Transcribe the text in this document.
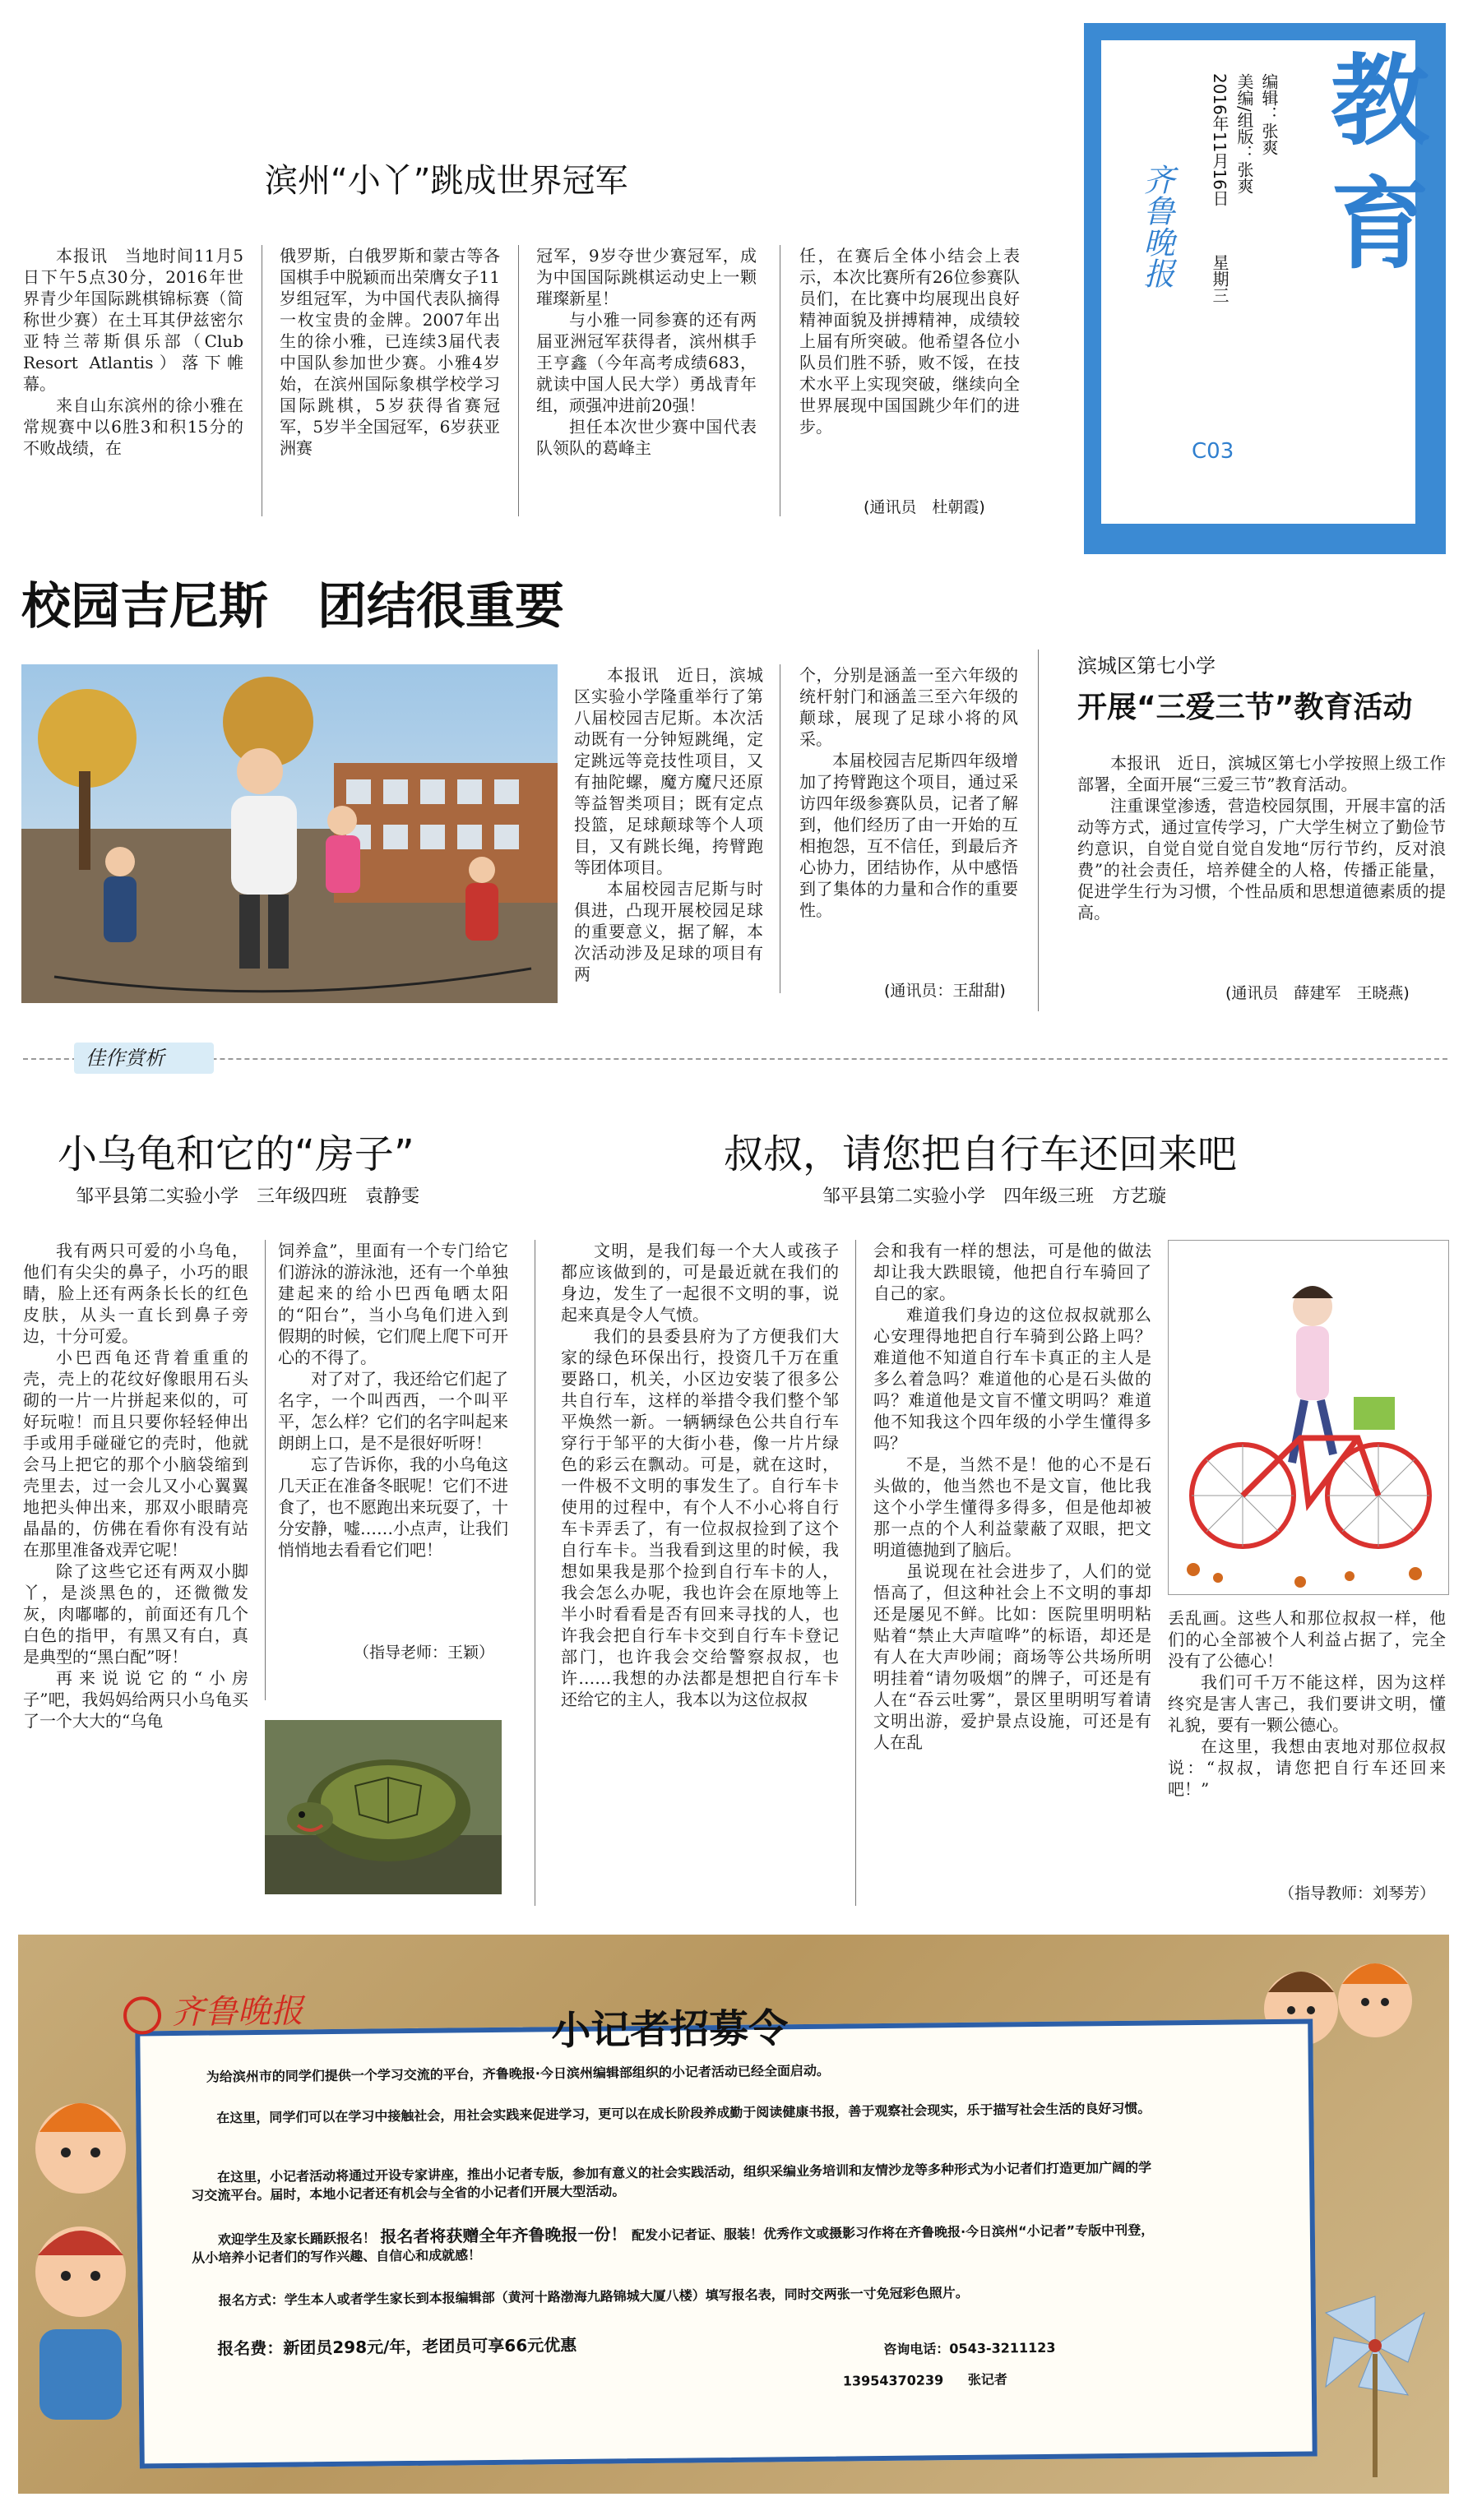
教育
齐鲁晚报
编辑：张爽
美编/组版：张爽
2016年11月16日
星期三
C03
滨州“小丫”跳成世界冠军

本报讯　当地时间11月5日下午5点30分，2016年世界青少年国际跳棋锦标赛（简称世少赛）在土耳其伊兹密尔亚特兰蒂斯俱乐部（Club Resort Atlantis）落下帷幕。

来自山东滨州的徐小雅在常规赛中以6胜3和积15分的不败战绩，在

俄罗斯，白俄罗斯和蒙古等各国棋手中脱颖而出荣膺女子11岁组冠军，为中国代表队摘得一枚宝贵的金牌。2007年出生的徐小雅，已连续3届代表中国队参加世少赛。小雅4岁始，在滨州国际象棋学校学习国际跳棋，5岁获得省赛冠军，5岁半全国冠军，6岁获亚洲赛

冠军，9岁夺世少赛冠军，成为中国国际跳棋运动史上一颗璀璨新星！

与小雅一同参赛的还有两届亚洲冠军获得者，滨州棋手王亨鑫（今年高考成绩683，就读中国人民大学）勇战青年组，顽强冲进前20强！

担任本次世少赛中国代表队领队的葛峰主

任，在赛后全体小结会上表示，本次比赛所有26位参赛队员们，在比赛中均展现出良好精神面貌及拼搏精神，成绩较上届有所突破。他希望各位小队员们胜不骄，败不馁，在技术水平上实现突破，继续向全世界展现中国国跳少年们的进步。

(通讯员　杜朝霞)
校园吉尼斯　团结很重要

本报讯　近日，滨城区实验小学隆重举行了第八届校园吉尼斯。本次活动既有一分钟短跳绳，定定跳远等竞技性项目，又有抽陀螺，魔方魔尺还原等益智类项目；既有定点投篮，足球颠球等个人项目，又有跳长绳，挎臂跑等团体项目。

本届校园吉尼斯与时俱进，凸现开展校园足球的重要意义，据了解，本次活动涉及足球的项目有两

个，分别是涵盖一至六年级的统杆射门和涵盖三至六年级的颠球，展现了足球小将的风采。

本届校园吉尼斯四年级增加了挎臂跑这个项目，通过采访四年级参赛队员，记者了解到，他们经历了由一开始的互相抱怨，互不信任，到最后齐心协力，团结协作，从中感悟到了集体的力量和合作的重要性。

(通讯员：王甜甜)
滨城区第七小学
开展“三爱三节”教育活动

本报讯　近日，滨城区第七小学按照上级工作部署，全面开展“三爱三节”教育活动。

注重课堂渗透，营造校园氛围，开展丰富的活动等方式，通过宣传学习，广大学生树立了勤俭节约意识，自觉自觉自觉自发地“厉行节约，反对浪费”的社会责任，培养健全的人格，传播正能量，促进学生行为习惯，个性品质和思想道德素质的提高。

(通讯员　薛建军　王晓燕)
佳作赏析
小乌龟和它的“房子”
邹平县第二实验小学　三年级四班　袁静雯

我有两只可爱的小乌龟，他们有尖尖的鼻子，小巧的眼睛，脸上还有两条长长的红色皮肤，从头一直长到鼻子旁边，十分可爱。

小巴西龟还背着重重的壳，壳上的花纹好像眼用石头砌的一片一片拼起来似的，可好玩啦！而且只要你轻轻伸出手或用手碰碰它的壳时，他就会马上把它的那个小脑袋缩到壳里去，过一会儿又小心翼翼地把头伸出来，那双小眼睛亮晶晶的，仿佛在看你有没有站在那里准备戏弄它呢！

除了这些它还有两双小脚丫，是淡黑色的，还微微发灰，肉嘟嘟的，前面还有几个白色的指甲，有黑又有白，真是典型的“黑白配”呀！

再来说说它的“小房子”吧，我妈妈给两只小乌龟买了一个大大的“乌龟

饲养盒”，里面有一个专门给它们游泳的游泳池，还有一个单独建起来的给小巴西龟晒太阳的“阳台”，当小乌龟们进入到假期的时候，它们爬上爬下可开心的不得了。

对了对了，我还给它们起了名字，一个叫西西，一个叫平平，怎么样？它们的名字叫起来朗朗上口，是不是很好听呀！

忘了告诉你，我的小乌龟这几天正在准备冬眠呢！它们不进食了，也不愿跑出来玩耍了，十分安静，嘘……小点声，让我们悄悄地去看看它们吧！

（指导老师：王颖）
叔叔，请您把自行车还回来吧
邹平县第二实验小学　四年级三班　方艺璇

文明，是我们每一个大人或孩子都应该做到的，可是最近就在我们的身边，发生了一起很不文明的事，说起来真是令人气愤。

我们的县委县府为了方便我们大家的绿色环保出行，投资几千万在重要路口，机关，小区边安装了很多公共自行车，这样的举措令我们整个邹平焕然一新。一辆辆绿色公共自行车穿行于邹平的大街小巷，像一片片绿色的彩云在飘动。可是，就在这时，一件极不文明的事发生了。自行车卡使用的过程中，有个人不小心将自行车卡弄丢了，有一位叔叔捡到了这个自行车卡。当我看到这里的时候，我想如果我是那个捡到自行车卡的人，我会怎么办呢，我也许会在原地等上半小时看看是否有回来寻找的人，也许我会把自行车卡交到自行车卡登记部门，也许我会交给警察叔叔，也许……我想的办法都是想把自行车卡还给它的主人，我本以为这位叔叔

会和我有一样的想法，可是他的做法却让我大跌眼镜，他把自行车骑回了自己的家。

难道我们身边的这位叔叔就那么心安理得地把自行车骑到公路上吗？难道他不知道自行车卡真正的主人是多么着急吗？难道他的心是石头做的吗？难道他是文盲不懂文明吗？难道他不知我这个四年级的小学生懂得多吗？

不是，当然不是！他的心不是石头做的，他当然也不是文盲，他比我这个小学生懂得多得多，但是他却被那一点的个人利益蒙蔽了双眼，把文明道德抛到了脑后。

虽说现在社会进步了，人们的觉悟高了，但这种社会上不文明的事却还是屡见不鲜。比如：医院里明明粘贴着“禁止大声喧哗”的标语，却还是有人在大声吵闹；商场等公共场所明明挂着“请勿吸烟”的牌子，可还是有人在“吞云吐雾”，景区里明明写着请文明出游，爱护景点设施，可还是有人在乱

丢乱画。这些人和那位叔叔一样，他们的心全部被个人利益占据了，完全没有了公德心！

我们可千万不能这样，因为这样终究是害人害己，我们要讲文明，懂礼貌，要有一颗公德心。

在这里，我想由衷地对那位叔叔说：“叔叔，请您把自行车还回来吧！”

（指导教师：刘琴芳）
齐鲁晚报	小记者招募令
为给滨州市的同学们提供一个学习交流的平台，齐鲁晚报·今日滨州编辑部组织的小记者活动已经全面启动。
在这里，同学们可以在学习中接触社会，用社会实践来促进学习，更可以在成长阶段养成勤于阅读健康书报，善于观察社会现实，乐于描写社会生活的良好习惯。
在这里，小记者活动将通过开设专家讲座，推出小记者专版，参加有意义的社会实践活动，组织采编业务培训和友情沙龙等多种形式为小记者们打造更加广阔的学习交流平台。届时，本地小记者还有机会与全省的小记者们开展大型活动。
欢迎学生及家长踊跃报名！ 报名者将获赠全年齐鲁晚报一份！ 配发小记者证、服装！优秀作文或摄影习作将在齐鲁晚报·今日滨州“小记者”专版中刊登，从小培养小记者们的写作兴趣、自信心和成就感！
报名方式：学生本人或者学生家长到本报编辑部（黄河十路渤海九路锦城大厦八楼）填写报名表，同时交两张一寸免冠彩色照片。
报名费：新团员298元/年，老团员可享66元优惠	咨询电话：0543-3211123
13954370239 张记者
